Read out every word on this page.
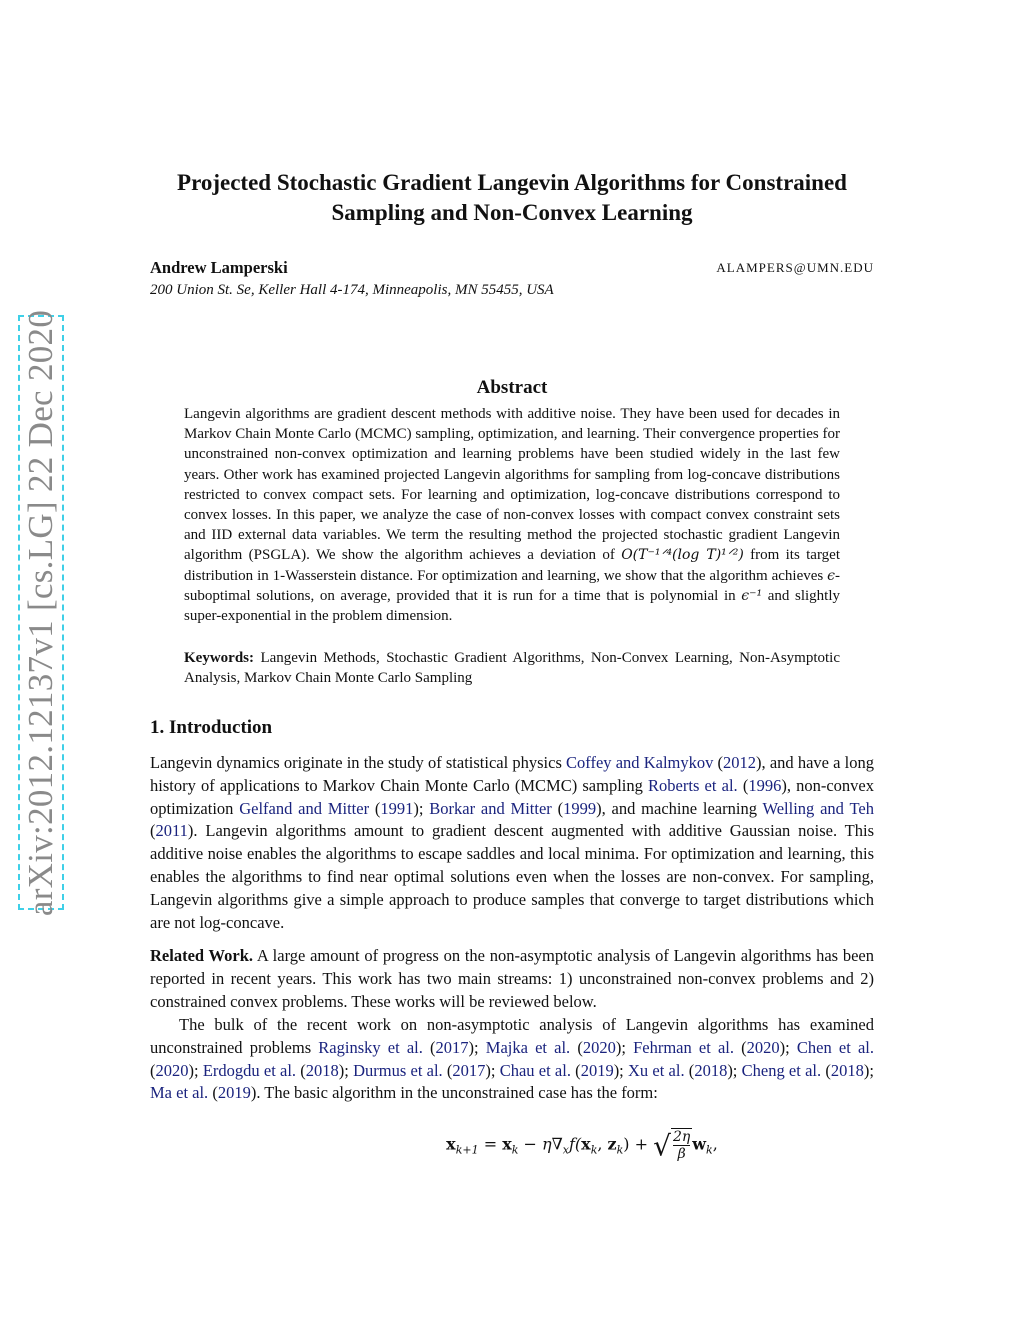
arXiv:2012.12137v1 [cs.LG] 22 Dec 2020
Projected Stochastic Gradient Langevin Algorithms for Constrained
Sampling and Non-Convex Learning
Andrew Lamperski	ALAMPERS@UMN.EDU
200 Union St. Se, Keller Hall 4-174, Minneapolis, MN 55455, USA
Abstract

Langevin algorithms are gradient descent methods with additive noise. They have been used for decades in Markov Chain Monte Carlo (MCMC) sampling, optimization, and learning. Their convergence properties for unconstrained non-convex optimization and learning problems have been studied widely in the last few years. Other work has examined projected Langevin algorithms for sampling from log-concave distributions restricted to convex compact sets. For learning and optimization, log-concave distributions correspond to convex losses. In this paper, we analyze the case of non-convex losses with compact convex constraint sets and IID external data variables. We term the resulting method the projected stochastic gradient Langevin algorithm (PSGLA). We show the algorithm achieves a deviation of O(T⁻¹ᐟ⁴(log T)¹ᐟ²) from its target distribution in 1-Wasserstein distance. For optimization and learning, we show that the algorithm achieves ϵ-suboptimal solutions, on average, provided that it is run for a time that is polynomial in ϵ⁻¹ and slightly super-exponential in the problem dimension.

Keywords: Langevin Methods, Stochastic Gradient Algorithms, Non-Convex Learning, Non-Asymptotic Analysis, Markov Chain Monte Carlo Sampling

1. Introduction

Langevin dynamics originate in the study of statistical physics Coffey and Kalmykov (2012), and have a long history of applications to Markov Chain Monte Carlo (MCMC) sampling Roberts et al. (1996), non-convex optimization Gelfand and Mitter (1991); Borkar and Mitter (1999), and machine learning Welling and Teh (2011). Langevin algorithms amount to gradient descent augmented with additive Gaussian noise. This additive noise enables the algorithms to escape saddles and local minima. For optimization and learning, this enables the algorithms to find near optimal solutions even when the losses are non-convex. For sampling, Langevin algorithms give a simple approach to produce samples that converge to target distributions which are not log-concave.

Related Work. A large amount of progress on the non-asymptotic analysis of Langevin algorithms has been reported in recent years. This work has two main streams: 1) unconstrained non-convex problems and 2) constrained convex problems. These works will be reviewed below.

The bulk of the recent work on non-asymptotic analysis of Langevin algorithms has examined unconstrained problems Raginsky et al. (2017); Majka et al. (2020); Fehrman et al. (2020); Chen et al. (2020); Erdogdu et al. (2018); Durmus et al. (2017); Chau et al. (2019); Xu et al. (2018); Cheng et al. (2018); Ma et al. (2019). The basic algorithm in the unconstrained case has the form:

$x_{k+1} = x_k - \eta\nabla_xf(x_k$, $z_k$) + √ $\frac{2\eta}{\beta} w_k$,
